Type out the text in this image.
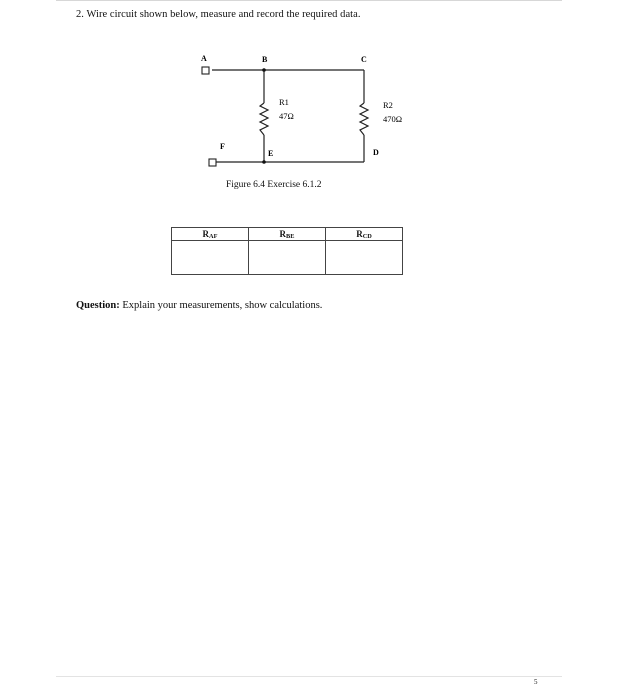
2. Wire circuit shown below, measure and record the required data.
A	B	C
D
E
F
R1
47Ω
R2
470Ω
Figure 6.4 Exercise 6.1.2
$R_{AF}$	$R_{BE}$	$R_{CD}$

Question: Explain your measurements, show calculations.
5
